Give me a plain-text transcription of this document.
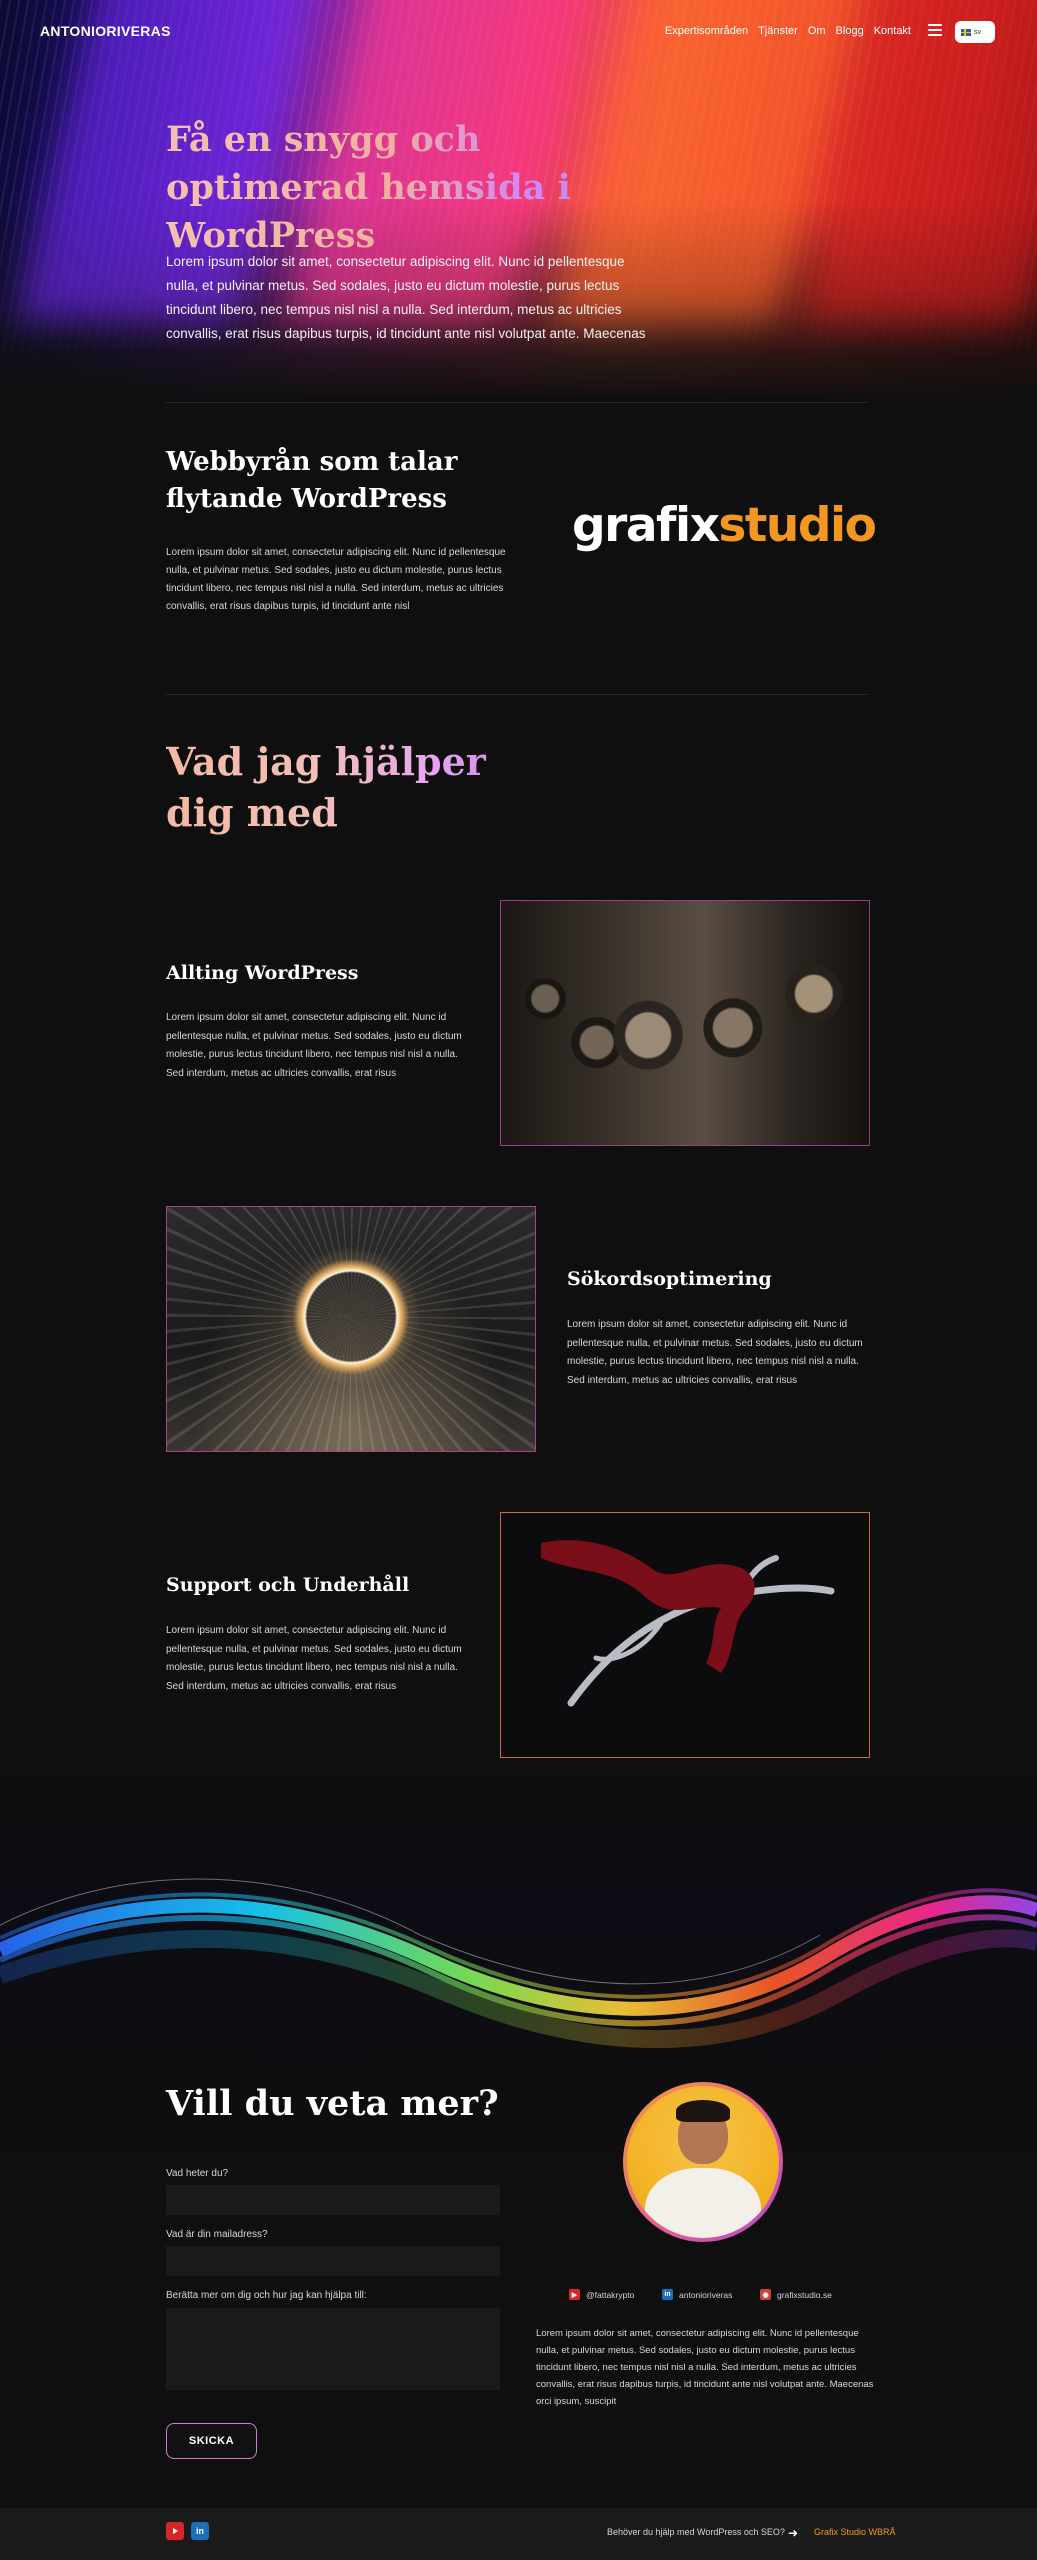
ANTONIORIVERAS	Expertisområden Tjänster Om Blogg Kontakt	sv
Få en snygg och optimerad hemsida i WordPress

Lorem ipsum dolor sit amet, consectetur adipiscing elit. Nunc id pellentesque nulla, et pulvinar metus. Sed sodales, justo eu dictum molestie, purus lectus tincidunt libero, nec tempus nisl nisl a nulla. Sed interdum, metus ac ultricies convallis, erat risus dapibus turpis, id tincidunt ante nisl volutpat ante. Maecenas

Webbyrån som talar flytande WordPress

Lorem ipsum dolor sit amet, consectetur adipiscing elit. Nunc id pellentesque nulla, et pulvinar metus. Sed sodales, justo eu dictum molestie, purus lectus tincidunt libero, nec tempus nisl nisl a nulla. Sed interdum, metus ac ultricies convallis, erat risus dapibus turpis, id tincidunt ante nisl

grafixstudio
Vad jag hjälper dig med
Allting WordPress

Lorem ipsum dolor sit amet, consectetur adipiscing elit. Nunc id pellentesque nulla, et pulvinar metus. Sed sodales, justo eu dictum molestie, purus lectus tincidunt libero, nec tempus nisl nisl a nulla. Sed interdum, metus ac ultricies convallis, erat risus

Sökordsoptimering

Lorem ipsum dolor sit amet, consectetur adipiscing elit. Nunc id pellentesque nulla, et pulvinar metus. Sed sodales, justo eu dictum molestie, purus lectus tincidunt libero, nec tempus nisl nisl a nulla. Sed interdum, metus ac ultricies convallis, erat risus

Support och Underhåll

Lorem ipsum dolor sit amet, consectetur adipiscing elit. Nunc id pellentesque nulla, et pulvinar metus. Sed sodales, justo eu dictum molestie, purus lectus tincidunt libero, nec tempus nisl nisl a nulla. Sed interdum, metus ac ultricies convallis, erat risus

Vill du veta mer?
Vad heter du?
Vad är din mailadress?
Berätta mer om dig och hur jag kan hjälpa till:
SKICKA
▶	@fattakrypto	in antonioriveras	◉ grafixstudio.se

Lorem ipsum dolor sit amet, consectetur adipiscing elit. Nunc id pellentesque nulla, et pulvinar metus. Sed sodales, justo eu dictum molestie, purus lectus tincidunt libero, nec tempus nisl nisl a nulla. Sed interdum, metus ac ultricies convallis, erat risus dapibus turpis, id tincidunt ante nisl volutpat ante. Maecenas orci ipsum, suscipit

in	Behöver du hjälp med WordPress och SEO? ➜ Grafix Studio WBRÅ
